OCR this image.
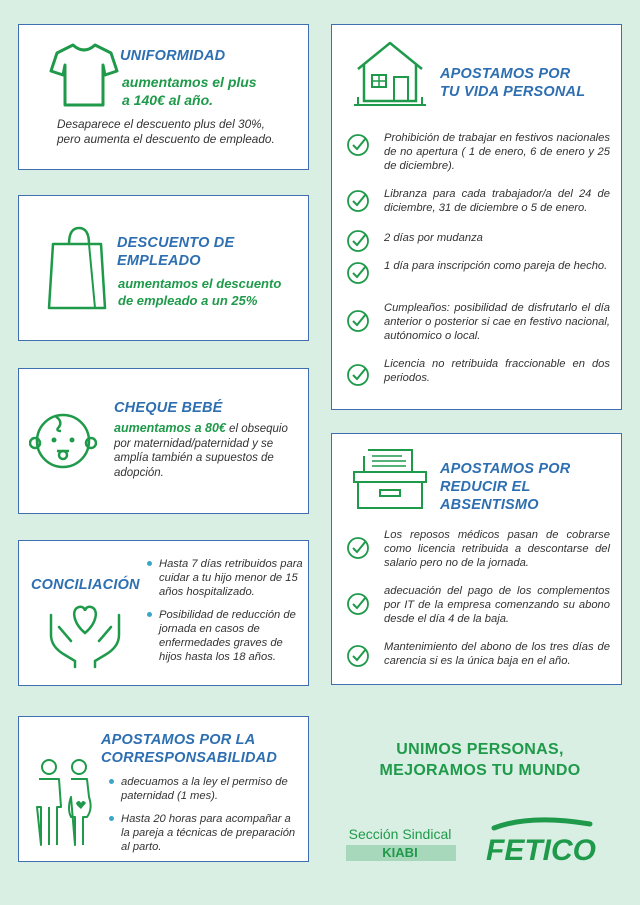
UNIFORMIDAD
aumentamos el plus
a 140€ al año.
Desaparece el descuento plus del 30%,
pero aumenta el descuento de empleado.
DESCUENTO DE
EMPLEADO
aumentamos el descuento
de empleado a un 25%
CHEQUE BEBÉ
aumentamos a 80€ el obsequio por maternidad/paternidad y se amplía también a supuestos de adopción.
CONCILIACIÓN
Hasta 7 días retribuidos para cuidar a tu hijo menor de 15 años hospitalizado.
Posibilidad de reducción de jornada en casos de enfermedades graves de hijos hasta los 18 años.
APOSTAMOS POR LA
CORRESPONSABILIDAD
adecuamos a la ley el permiso de paternidad (1 mes).
Hasta 20 horas para acompañar a la pareja a técnicas de preparación al parto.
APOSTAMOS POR
TU VIDA PERSONAL
Prohibición de trabajar en festivos nacionales de no apertura ( 1 de enero, 6 de enero y 25 de diciembre).
Libranza para cada trabajador/a del 24 de diciembre, 31 de diciembre o 5 de enero.
2 días por mudanza
1 día para inscripción como pareja de hecho.
Cumpleaños: posibilidad de disfrutarlo el día anterior o posterior si cae en festivo nacional, autónomico o local.
Licencia no retribuida fraccionable en dos periodos.
APOSTAMOS POR
REDUCIR EL
ABSENTISMO
Los reposos médicos pasan de cobrarse como licencia retribuida a descontarse del salario pero no de la jornada.
adecuación del pago de los complementos por IT de la empresa comenzando su abono desde el día 4 de la baja.
Mantenimiento del abono de los tres días de carencia si es la única baja en el año.
UNIMOS PERSONAS,
MEJORAMOS TU MUNDO
Sección Sindical
KIABI	FETICO
